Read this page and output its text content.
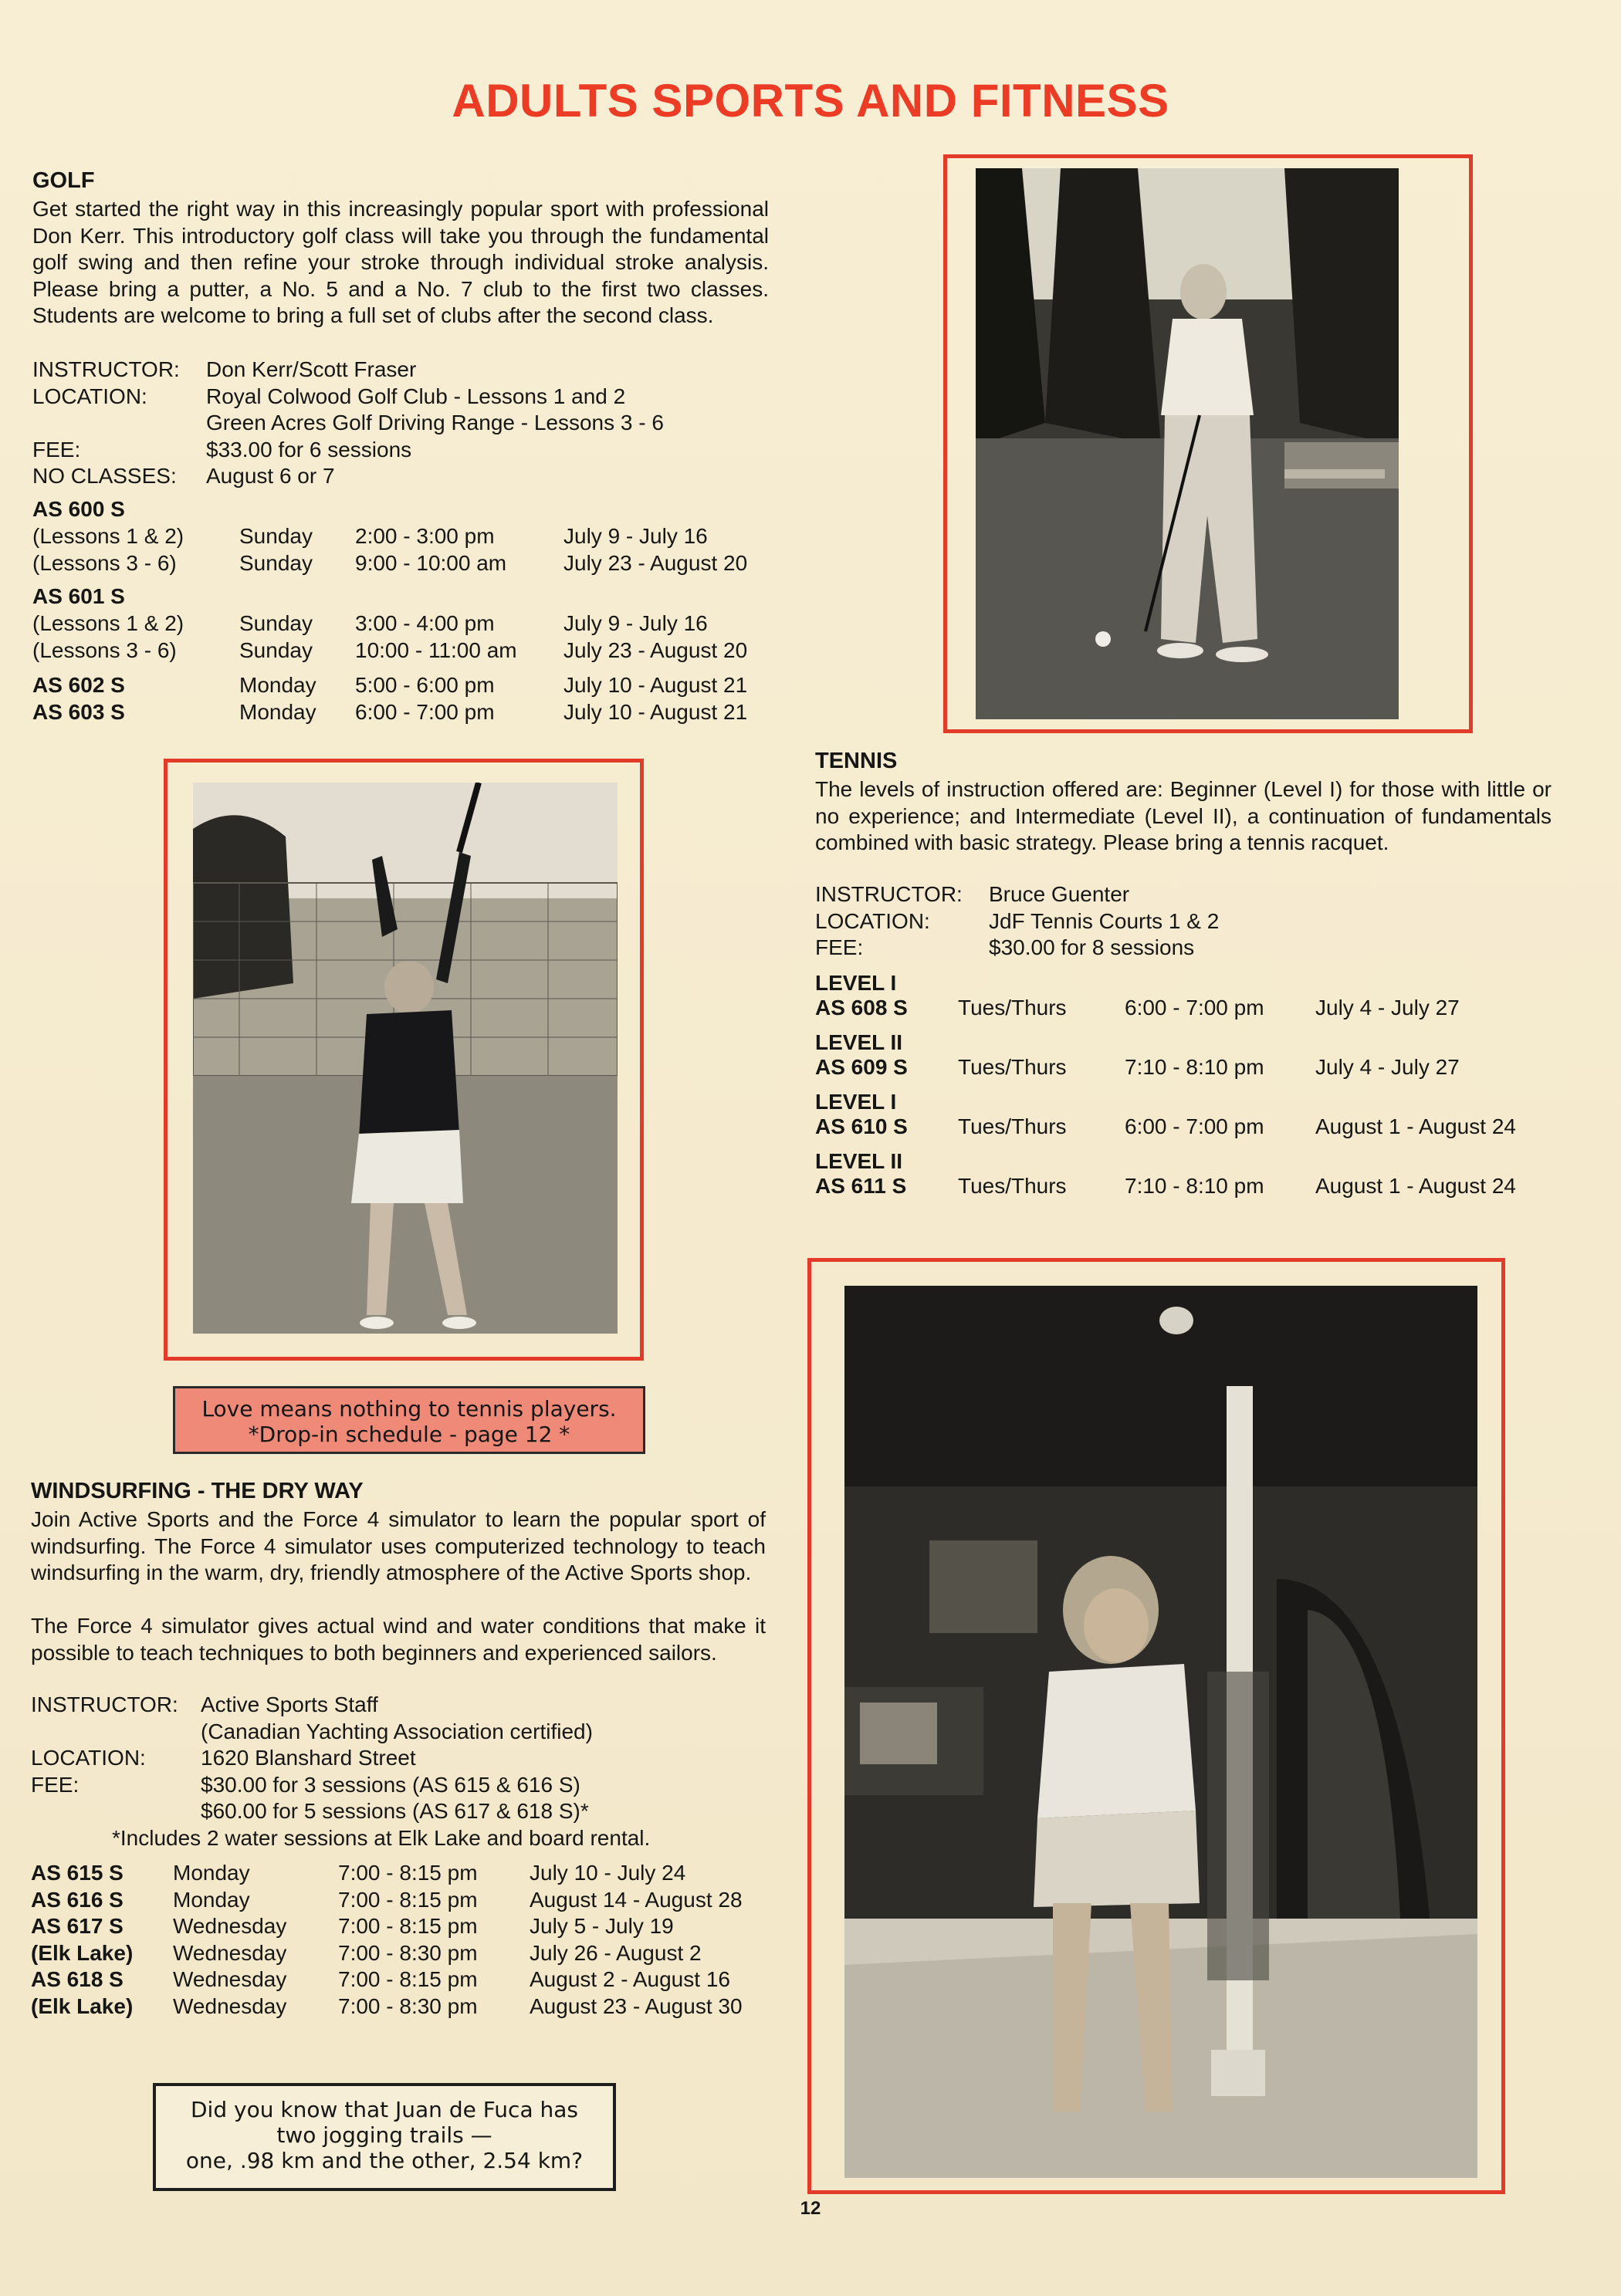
ADULTS SPORTS AND FITNESS
GOLF

Get started the right way in this increasingly popular sport with professional Don Kerr. This introductory golf class will take you through the fundamental golf swing and then refine your stroke through individual stroke analysis. Please bring a putter, a No. 5 and a No. 7 club to the first two classes. Students are welcome to bring a full set of clubs after the second class.

INSTRUCTOR:	Don Kerr/Scott Fraser
LOCATION:	Royal Colwood Golf Club - Lessons 1 and 2
Green Acres Golf Driving Range - Lessons 3 - 6
FEE:	$33.00 for 6 sessions
NO CLASSES:	August 6 or 7
AS 600 S
(Lessons 1 & 2)	Sunday	2:00 - 3:00 pm	July 9 - July 16
(Lessons 3 - 6)	Sunday	9:00 - 10:00 am	July 23 - August 20
AS 601 S
(Lessons 1 & 2)	Sunday	3:00 - 4:00 pm	July 9 - July 16
(Lessons 3 - 6)	Sunday	10:00 - 11:00 am	July 23 - August 20
AS 602 S	Monday	5:00 - 6:00 pm	July 10 - August 21
AS 603 S	Monday	6:00 - 7:00 pm	July 10 - August 21
TENNIS

The levels of instruction offered are: Beginner (Level I) for those with little or no experience; and Intermediate (Level II), a continuation of fundamentals combined with basic strategy. Please bring a tennis racquet.

INSTRUCTOR:	Bruce Guenter
LOCATION:	JdF Tennis Courts 1 & 2
FEE:	$30.00 for 8 sessions
LEVEL I
AS 608 S	Tues/Thurs	6:00 - 7:00 pm	July 4 - July 27
LEVEL II
AS 609 S	Tues/Thurs	7:10 - 8:10 pm	July 4 - July 27
LEVEL I
AS 610 S	Tues/Thurs	6:00 - 7:00 pm	August 1 - August 24
LEVEL II
AS 611 S	Tues/Thurs	7:10 - 8:10 pm	August 1 - August 24
Love means nothing to tennis players.
*Drop-in schedule - page 12 *
WINDSURFING - THE DRY WAY

Join Active Sports and the Force 4 simulator to learn the popular sport of windsurfing. The Force 4 simulator uses computerized technology to teach windsurfing in the warm, dry, friendly atmosphere of the Active Sports shop.

The Force 4 simulator gives actual wind and water conditions that make it possible to teach techniques to both beginners and experienced sailors.

INSTRUCTOR:	Active Sports Staff
(Canadian Yachting Association certified)
LOCATION:	1620 Blanshard Street
FEE:	$30.00 for 3 sessions (AS 615 & 616 S)
$60.00 for 5 sessions (AS 617 & 618 S)*
*Includes 2 water sessions at Elk Lake and board rental.
AS 615 S	Monday	7:00 - 8:15 pm	July 10 - July 24
AS 616 S	Monday	7:00 - 8:15 pm	August 14 - August 28
AS 617 S	Wednesday	7:00 - 8:15 pm	July 5 - July 19
(Elk Lake)	Wednesday	7:00 - 8:30 pm	July 26 - August 2
AS 618 S	Wednesday	7:00 - 8:15 pm	August 2 - August 16
(Elk Lake)	Wednesday	7:00 - 8:30 pm	August 23 - August 30
Did you know that Juan de Fuca has
two jogging trails —
one, .98 km and the other, 2.54 km?
12
